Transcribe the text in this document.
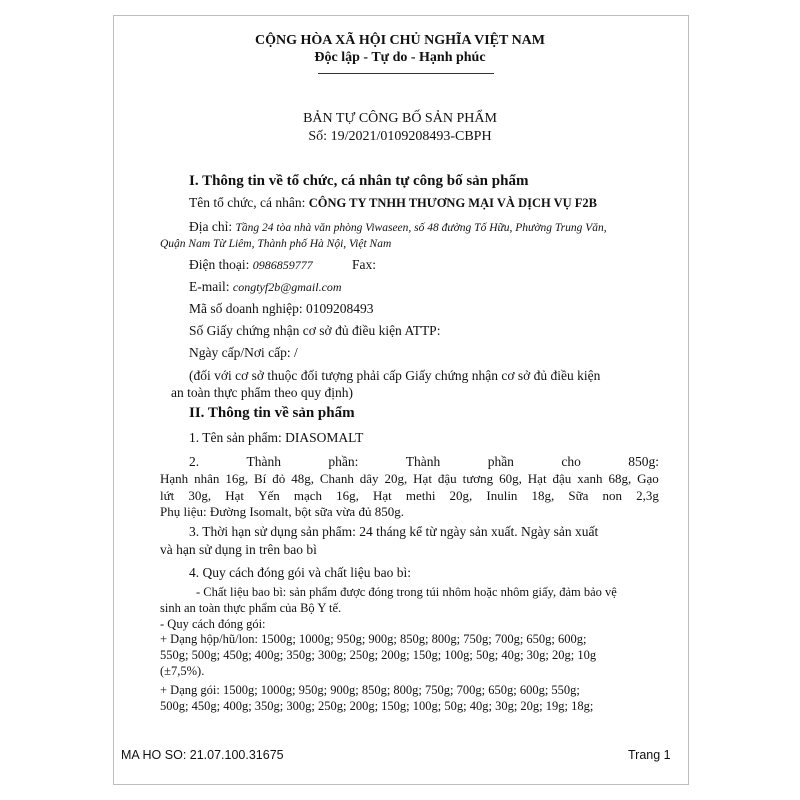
CỘNG HÒA XÃ HỘI CHỦ NGHĨA VIỆT NAM
Độc lập - Tự do - Hạnh phúc
BẢN TỰ CÔNG BỐ SẢN PHẨM
Số: 19/2021/0109208493-CBPH
I. Thông tin về tổ chức, cá nhân tự công bố sản phẩm
Tên tổ chức, cá nhân: CÔNG TY TNHH THƯƠNG MẠI VÀ DỊCH VỤ F2B
Địa chỉ: Tầng 24 tòa nhà văn phòng Viwaseen, số 48 đường Tố Hữu, Phường Trung Văn,
Quận Nam Từ Liêm, Thành phố Hà Nội, Việt Nam
Điện thoại: 0986859777	Fax:
E-mail: congtyf2b@gmail.com
Mã số doanh nghiệp: 0109208493
Số Giấy chứng nhận cơ sở đủ điều kiện ATTP:
Ngày cấp/Nơi cấp: /
(đối với cơ sở thuộc đối tượng phải cấp Giấy chứng nhận cơ sở đủ điều kiện
an toàn thực phẩm theo quy định)
II. Thông tin về sản phẩm
1. Tên sản phẩm: DIASOMALT
2.	Thành	phần:	Thành	phần	cho	850g:
Hạnh nhân 16g, Bí đỏ 48g, Chanh dây 20g, Hạt đậu tương 60g, Hạt đậu xanh 68g, Gạo
lứt 30g, Hạt Yến mạch 16g, Hạt methi 20g, Inulin 18g, Sữa non 2,3g
Phụ liệu: Đường Isomalt, bột sữa vừa đủ 850g.
3. Thời hạn sử dụng sản phẩm: 24 tháng kể từ ngày sản xuất. Ngày sản xuất
và hạn sử dụng in trên bao bì
4. Quy cách đóng gói và chất liệu bao bì:
- Chất liệu bao bì: sản phẩm được đóng trong túi nhôm hoặc nhôm giấy, đảm bảo vệ
sinh an toàn thực phẩm của Bộ Y tế.
- Quy cách đóng gói:
+ Dạng hộp/hũ/lon: 1500g; 1000g; 950g; 900g; 850g; 800g; 750g; 700g; 650g; 600g;
550g; 500g; 450g; 400g; 350g; 300g; 250g; 200g; 150g; 100g; 50g; 40g; 30g; 20g; 10g
(±7,5%).
+ Dạng gói: 1500g; 1000g; 950g; 900g; 850g; 800g; 750g; 700g; 650g; 600g; 550g;
500g; 450g; 400g; 350g; 300g; 250g; 200g; 150g; 100g; 50g; 40g; 30g; 20g; 19g; 18g;
MA HO SO: 21.07.100.31675	Trang 1
